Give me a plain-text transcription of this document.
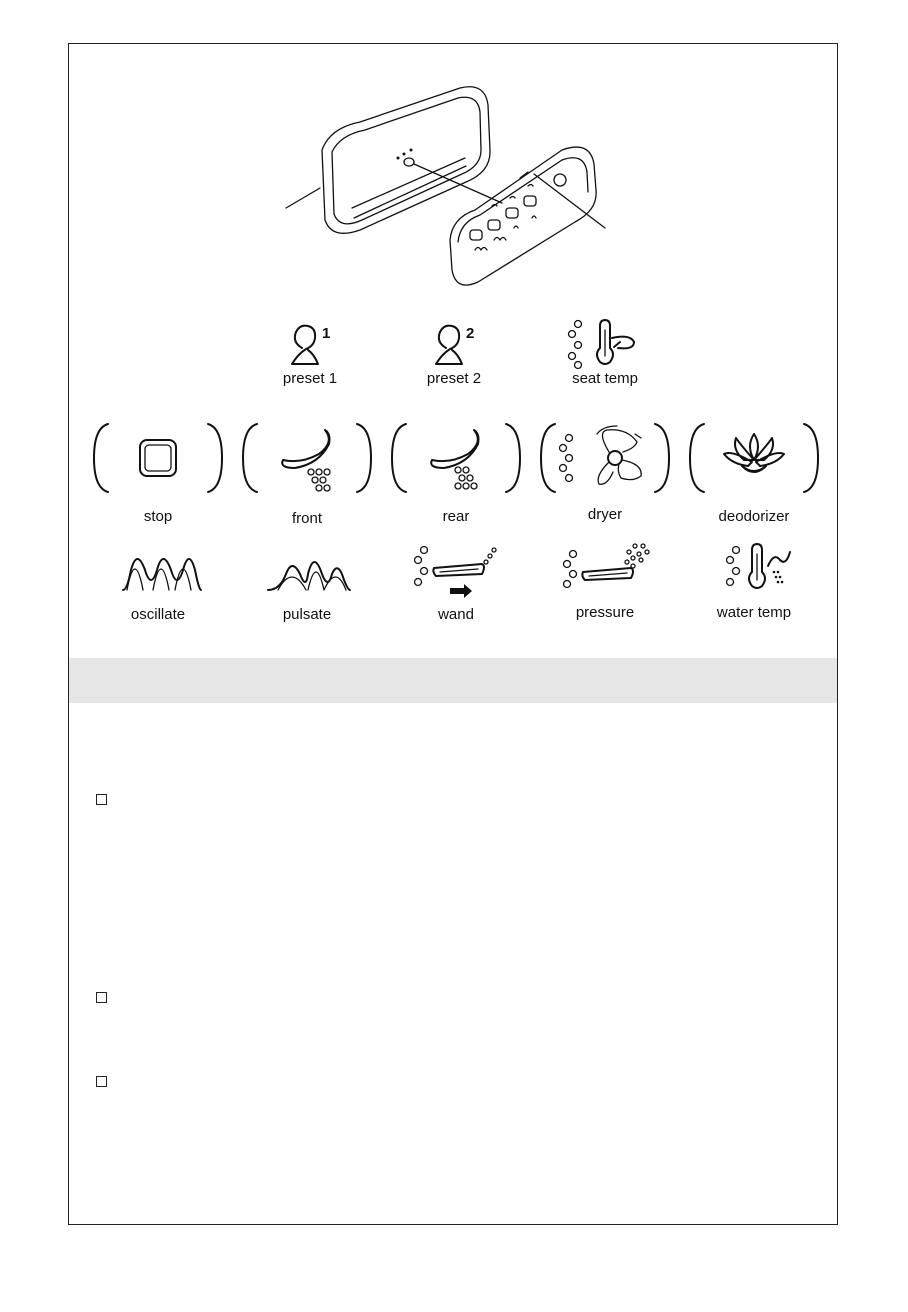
1
preset 1
2
preset 2	seat temp
stop	front	rear	dryer	deodorizer
oscillate	pulsate	wand	pressure	water temp
